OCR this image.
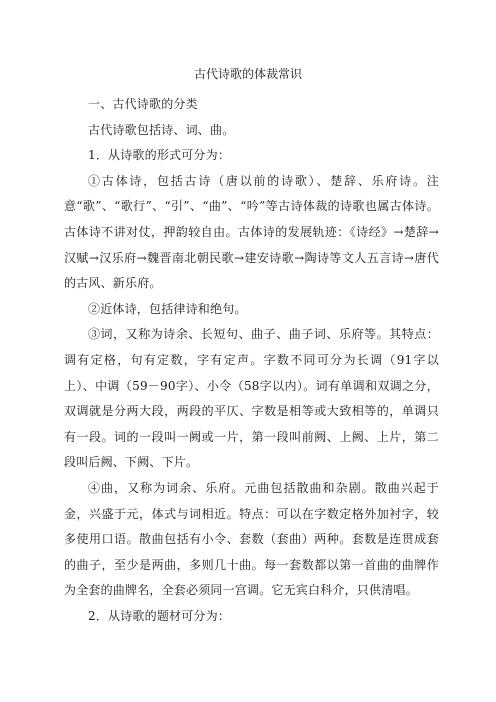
古代诗歌的体裁常识

一、古代诗歌的分类

古代诗歌包括诗、词、曲。

1．从诗歌的形式可分为：

①古体诗，包括古诗（唐以前的诗歌）、楚辞、乐府诗。注意“歌”、“歌行”、“引”、“曲”、“吟”等古诗体裁的诗歌也属古体诗。古体诗不讲对仗，押韵较自由。古体诗的发展轨迹：《诗经》→楚辞→汉赋→汉乐府→魏晋南北朝民歌→建安诗歌→陶诗等文人五言诗→唐代的古风、新乐府。

②近体诗，包括律诗和绝句。

③词，又称为诗余、长短句、曲子、曲子词、乐府等。其特点：调有定格，句有定数，字有定声。字数不同可分为长调（91字以上）、中调（59－90字）、小令（58字以内）。词有单调和双调之分，双调就是分两大段，两段的平仄、字数是相等或大致相等的，单调只有一段。词的一段叫一阙或一片，第一段叫前阙、上阙、上片，第二段叫后阙、下阙、下片。

④曲，又称为词余、乐府。元曲包括散曲和杂剧。散曲兴起于金，兴盛于元，体式与词相近。特点：可以在字数定格外加衬字，较多使用口语。散曲包括有小令、套数（套曲）两种。套数是连贯成套的曲子，至少是两曲，多则几十曲。每一套数都以第一首曲的曲牌作为全套的曲牌名，全套必须同一宫调。它无宾白科介，只供清唱。

2．从诗歌的题材可分为：
